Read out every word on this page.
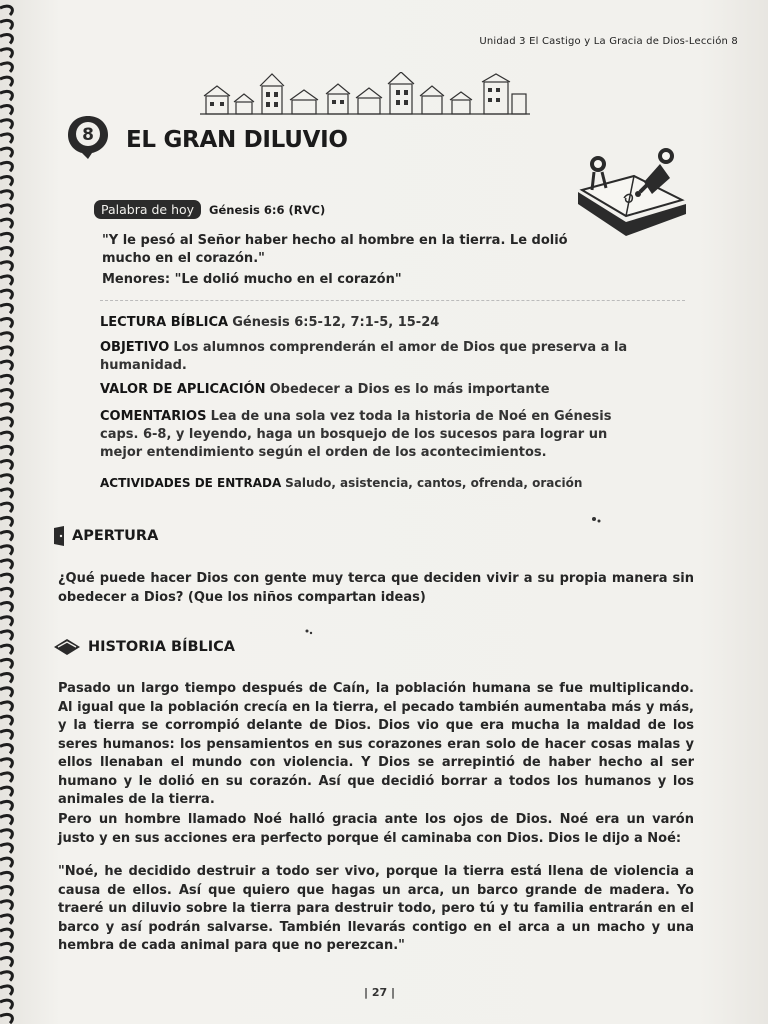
Unidad 3 El Castigo y La Gracia de Dios-Lección 8
8 EL GRAN DILUVIO
Palabra de hoy	Génesis 6:6 (RVC)
"Y le pesó al Señor haber hecho al hombre en la tierra. Le dolió mucho en el corazón."
Menores: "Le dolió mucho en el corazón"
LECTURA BÍBLICA Génesis 6:5-12, 7:1-5, 15-24
OBJETIVO Los alumnos comprenderán el amor de Dios que preserva a la humanidad.
VALOR DE APLICACIÓN Obedecer a Dios es lo más importante
COMENTARIOS Lea de una sola vez toda la historia de Noé en Génesis caps. 6-8, y leyendo, haga un bosquejo de los sucesos para lograr un mejor entendimiento según el orden de los acontecimientos.
ACTIVIDADES DE ENTRADA Saludo, asistencia, cantos, ofrenda, oración
APERTURA
¿Qué puede hacer Dios con gente muy terca que deciden vivir a su propia manera sin obedecer a Dios? (Que los niños compartan ideas)
HISTORIA BÍBLICA
Pasado un largo tiempo después de Caín, la población humana se fue multiplicando. Al igual que la población crecía en la tierra, el pecado también aumentaba más y más, y la tierra se corrompió delante de Dios. Dios vio que era mucha la maldad de los seres humanos: los pensamientos en sus corazones eran solo de hacer cosas malas y ellos llenaban el mundo con violencia. Y Dios se arrepintió de haber hecho al ser humano y le dolió en su corazón. Así que decidió borrar a todos los humanos y los animales de la tierra.
Pero un hombre llamado Noé halló gracia ante los ojos de Dios. Noé era un varón justo y en sus acciones era perfecto porque él caminaba con Dios. Dios le dijo a Noé:
"Noé, he decidido destruir a todo ser vivo, porque la tierra está llena de violencia a causa de ellos. Así que quiero que hagas un arca, un barco grande de madera. Yo traeré un diluvio sobre la tierra para destruir todo, pero tú y tu familia entrarán en el barco y así podrán salvarse. También llevarás contigo en el arca a un macho y una hembra de cada animal para que no perezcan."
| 27 |
